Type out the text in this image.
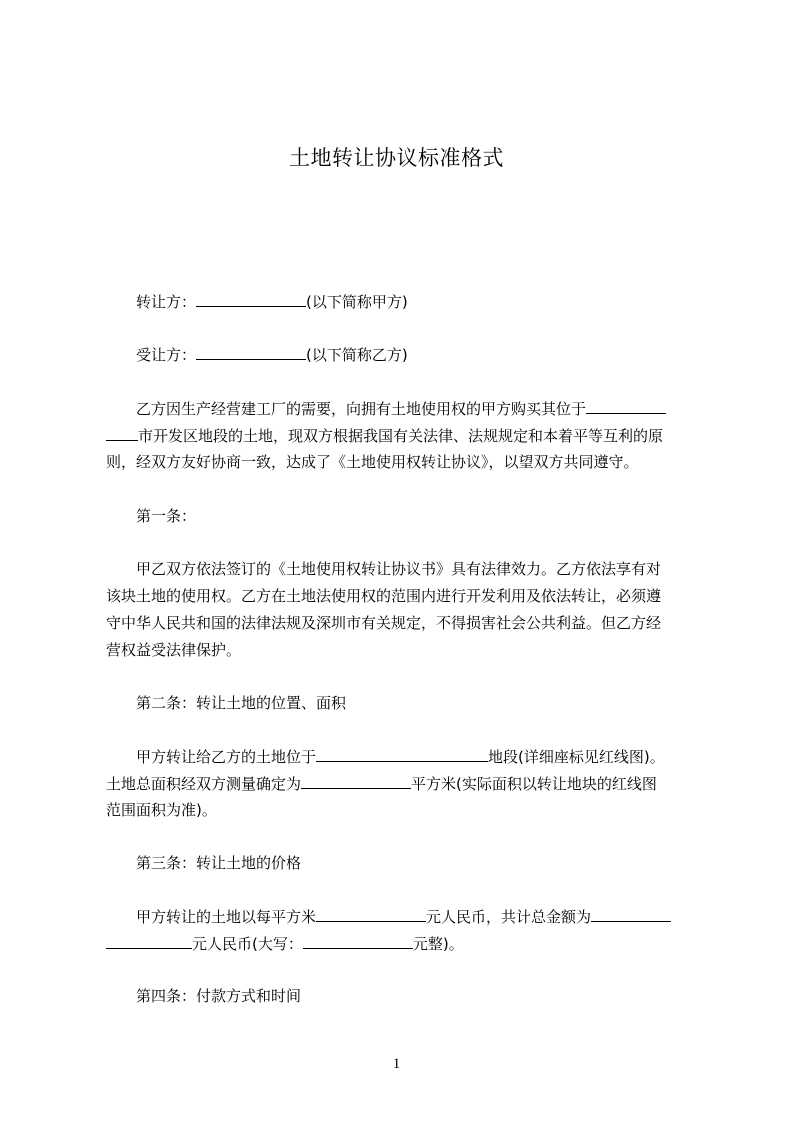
土地转让协议标准格式
转让方：	(以下简称甲方)
受让方：	(以下简称乙方)
乙方因生产经营建工厂的需要，向拥有土地使用权的甲方购买其位于
市开发区地段的土地，现双方根据我国有关法律、法规规定和本着平等互利的原
则，经双方友好协商一致，达成了《土地使用权转让协议》，以望双方共同遵守。
第一条：
甲乙双方依法签订的《土地使用权转让协议书》具有法律效力。乙方依法享有对
该块土地的使用权。乙方在土地法使用权的范围内进行开发利用及依法转让，必须遵
守中华人民共和国的法律法规及深圳市有关规定，不得损害社会公共利益。但乙方经
营权益受法律保护。
第二条：转让土地的位置、面积
甲方转让给乙方的土地位于	地段(详细座标见红线图)。
土地总面积经双方测量确定为	平方米(实际面积以转让地块的红线图
范围面积为准)。
第三条：转让土地的价格
甲方转让的土地以每平方米	元人民币，共计总金额为
元人民币(大写：	元整)。
第四条：付款方式和时间
1
